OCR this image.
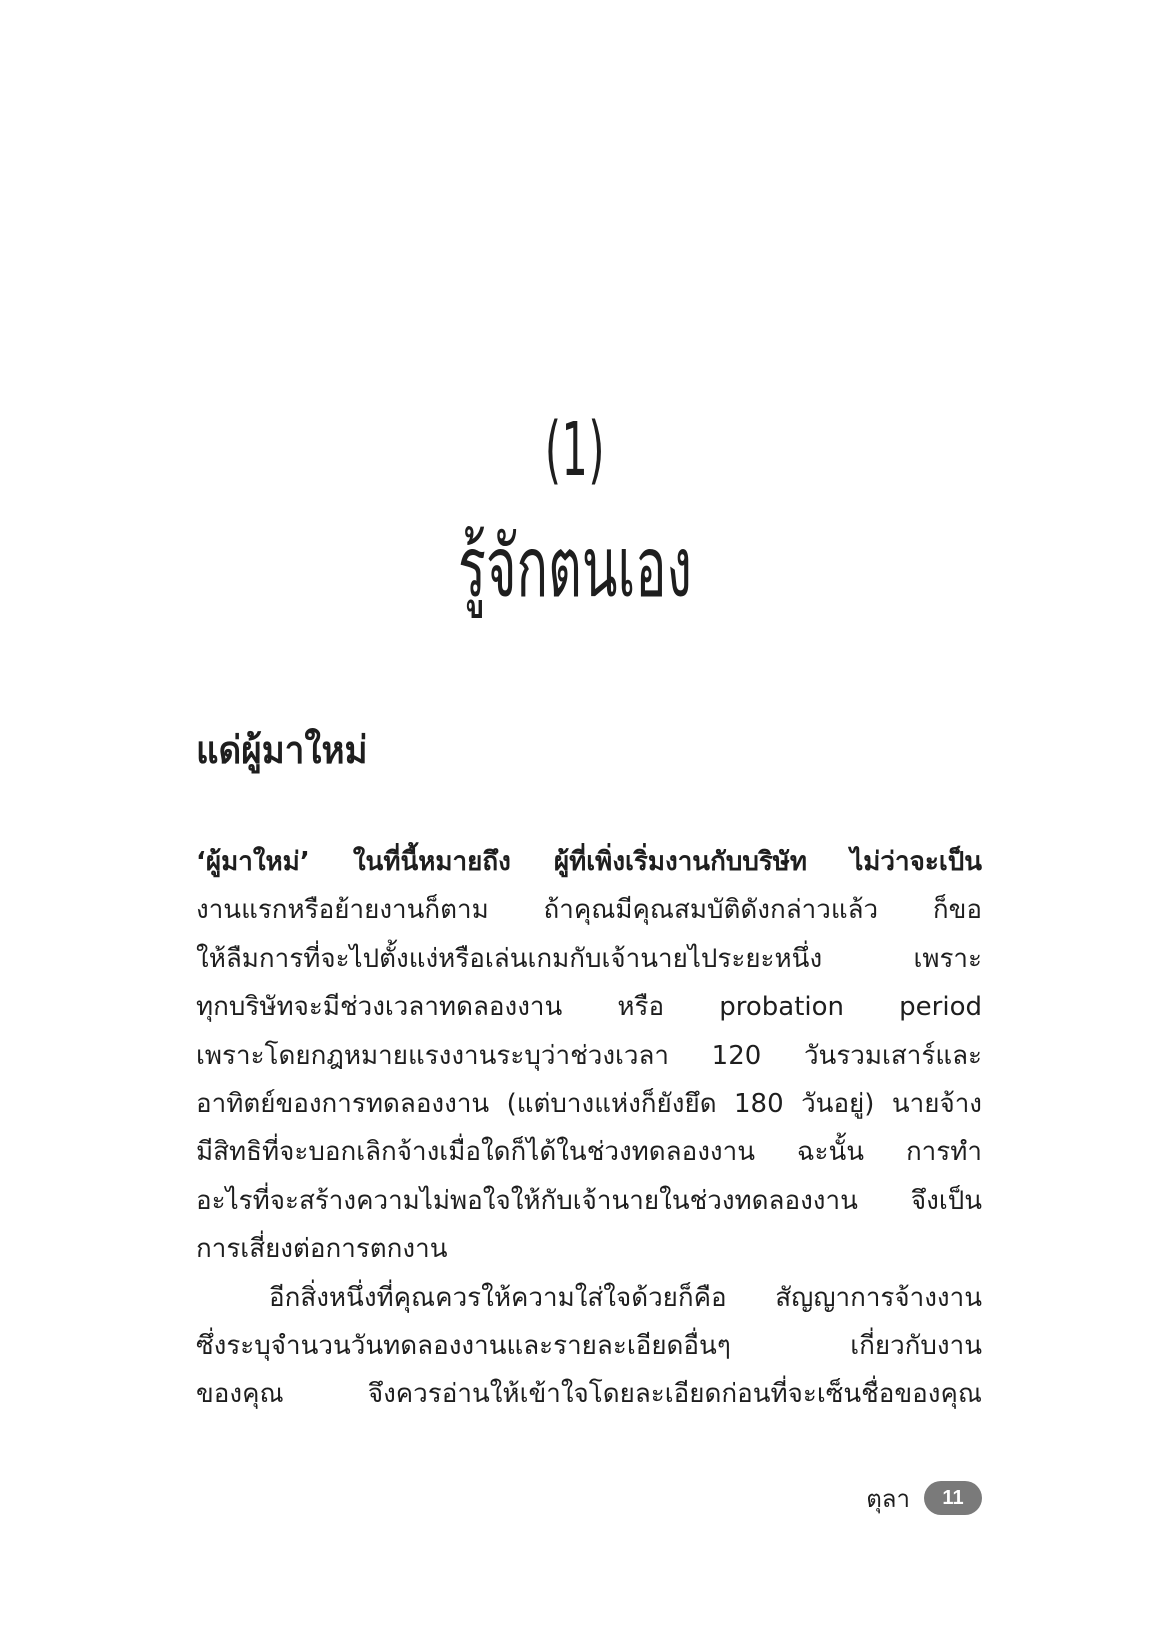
(1)
รู้จักตนเอง
แด่ผู้มาใหม่
‘ผู้มาใหม่’ ในที่นี้หมายถึง ผู้ที่เพิ่งเริ่มงานกับบริษัท ไม่ว่าจะเป็น
งานแรกหรือย้ายงานก็ตาม ถ้าคุณมีคุณสมบัติดังกล่าวแล้ว ก็ขอ
ให้ลืมการที่จะไปตั้งแง่หรือเล่นเกมกับเจ้านายไประยะหนึ่ง เพราะ
ทุกบริษัทจะมีช่วงเวลาทดลองงาน หรือ probation period
เพราะโดยกฎหมายแรงงานระบุว่าช่วงเวลา 120 วันรวมเสาร์และ
อาทิตย์ของการทดลองงาน (แต่บางแห่งก็ยังยึด 180 วันอยู่) นายจ้าง
มีสิทธิที่จะบอกเลิกจ้างเมื่อใดก็ได้ในช่วงทดลองงาน ฉะนั้น การทำ
อะไรที่จะสร้างความไม่พอใจให้กับเจ้านายในช่วงทดลองงาน จึงเป็น
การเสี่ยงต่อการตกงาน
อีกสิ่งหนึ่งที่คุณควรให้ความใส่ใจด้วยก็คือ สัญญาการจ้างงาน
ซึ่งระบุจำนวนวันทดลองงานและรายละเอียดอื่นๆ เกี่ยวกับงาน
ของคุณ จึงควรอ่านให้เข้าใจโดยละเอียดก่อนที่จะเซ็นชื่อของคุณ
ตุลา	11
